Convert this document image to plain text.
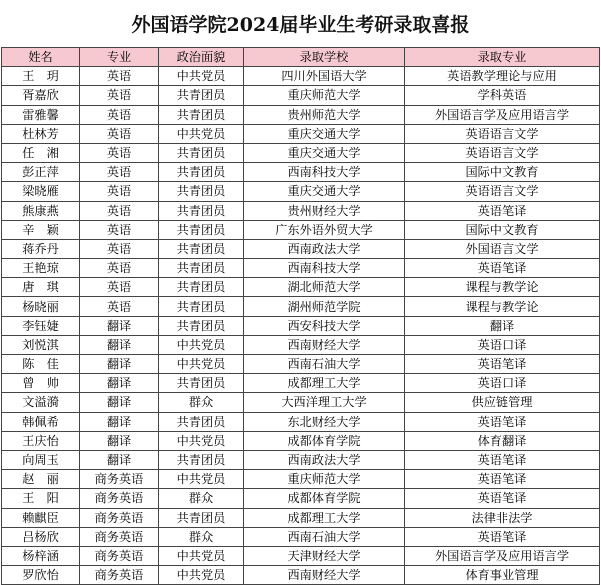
外国语学院2024届毕业生考研录取喜报
姓名	专业	政治面貌	录取学校	录取专业
王　玥	英语	中共党员	四川外国语大学	英语教学理论与应用
胥嘉欣	英语	共青团员	重庆师范大学	学科英语
雷雅馨	英语	共青团员	贵州师范大学	外国语言学及应用语言学
杜林芳	英语	中共党员	重庆交通大学	英语语言文学
任　湘	英语	共青团员	重庆交通大学	英语语言文学
彭正萍	英语	共青团员	西南科技大学	国际中文教育
梁晓雁	英语	共青团员	重庆交通大学	英语语言文学
熊康燕	英语	共青团员	贵州财经大学	英语笔译
辛　颖	英语	共青团员	广东外语外贸大学	国际中文教育
蒋乔丹	英语	共青团员	西南政法大学	外国语言文学
王艳琼	英语	共青团员	西南科技大学	英语笔译
唐　琪	英语	共青团员	湖北师范大学	课程与教学论
杨晓丽	英语	共青团员	湖州师范学院	课程与教学论
李钰婕	翻译	共青团员	西安科技大学	翻译
刘悦淇	翻译	中共党员	西南财经大学	英语口译
陈　佳	翻译	中共党员	西南石油大学	英语笔译
曾　帅	翻译	共青团员	成都理工大学	英语口译
文溢漪	翻译	群众	大西洋理工大学	供应链管理
韩佩希	翻译	共青团员	东北财经大学	英语笔译
王庆怡	翻译	中共党员	成都体育学院	体育翻译
向周玉	翻译	共青团员	西南政法大学	英语笔译
赵　丽	商务英语	中共党员	重庆师范大学	英语笔译
王　阳	商务英语	群众	成都体育学院	英语笔译
赖麒臣	商务英语	共青团员	成都理工大学	法律非法学
吕杨欣	商务英语	群众	西南石油大学	英语笔译
杨梓涵	商务英语	中共党员	天津财经大学	外国语言学及应用语言学
罗欣怡	商务英语	中共党员	西南财经大学	体育事业管理
